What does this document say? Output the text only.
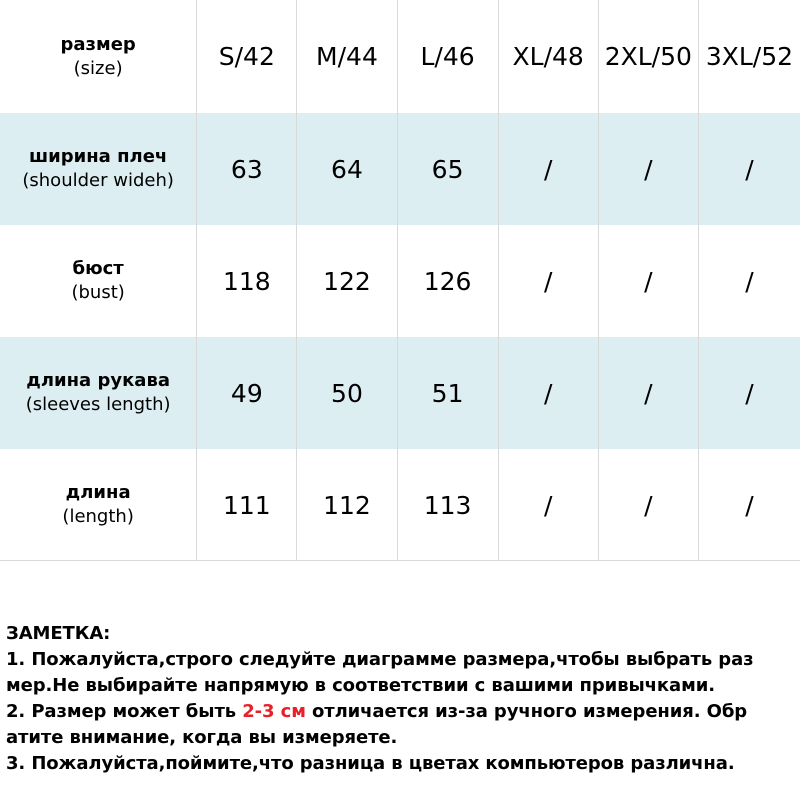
размер
(size)	S/42	M/44	L/46	XL/48 2XL/50 3XL/52
ширина плеч
(shoulder wideh)	63	64	65	/	/	/
бюст
(bust)	118	122	126	/	/	/
длина рукава
(sleeves length)	49	50	51	/	/	/
длина
(length)	111	112	113	/	/	/
ЗАМЕТКА:
1. Пожалуйста,строго следуйте диаграмме размера,чтобы выбрать раз
мер.Не выбирайте напрямую в соответствии с вашими привычками.
2. Размер может быть 2-3 см отличается из-за ручного измерения. Обр
атите внимание, когда вы измеряете.
3. Пожалуйста,поймите,что разница в цветах компьютеров различна.
